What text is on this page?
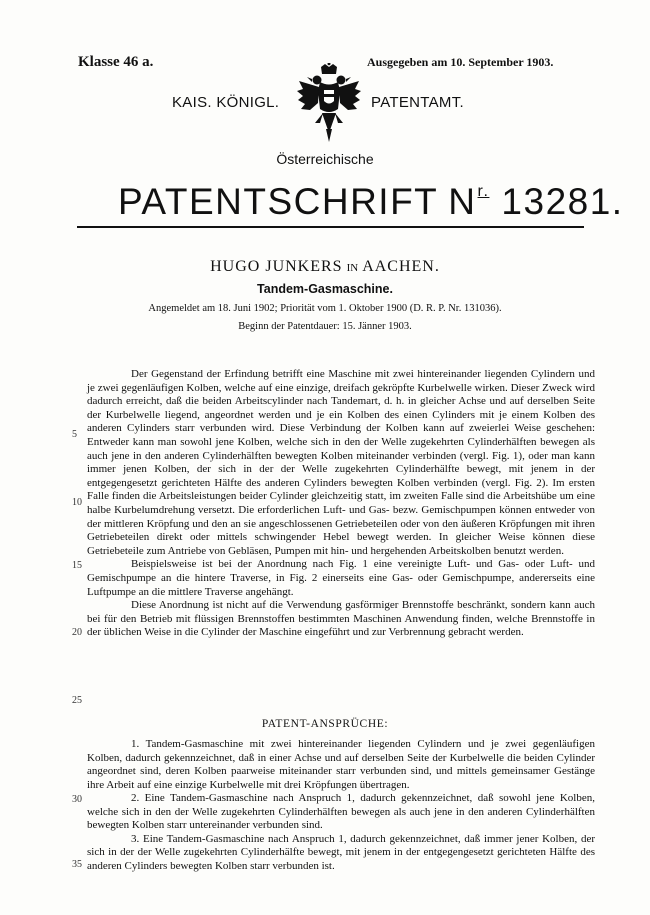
Klasse 46 a.	Ausgegeben am 10. September 1903.
KAIS. KÖNIGL.	PATENTAMT.
Österreichische
PATENTSCHRIFT $N^{r.}$ 13281.
HUGO JUNKERS IN AACHEN.
Tandem-Gasmaschine.
Angemeldet am 18. Juni 1902; Priorität vom 1. Oktober 1900 (D. R. P. Nr. 131036).
Beginn der Patentdauer: 15. Jänner 1903.

Der Gegenstand der Erfindung betrifft eine Maschine mit zwei hintereinander liegenden Cylindern und je zwei gegenläufigen Kolben, welche auf eine einzige, dreifach gekröpfte Kurbelwelle wirken. Dieser Zweck wird dadurch erreicht, daß die beiden Arbeitscylinder nach Tandemart, d. h. in gleicher Achse und auf derselben Seite der Kurbelwelle liegend, angeordnet werden und je ein Kolben des einen Cylinders mit je einem Kolben des anderen Cylinders starr verbunden wird. Diese Verbindung der Kolben kann auf zweierlei Weise geschehen: Entweder kann man sowohl jene Kolben, welche sich in den der Welle zugekehrten Cylinderhälften bewegen als auch jene in den anderen Cylinderhälften bewegten Kolben miteinander verbinden (vergl. Fig. 1), oder man kann immer jenen Kolben, der sich in der der Welle zugekehrten Cylinderhälfte bewegt, mit jenem in der entgegengesetzt gerichteten Hälfte des anderen Cylinders bewegten Kolben verbinden (vergl. Fig. 2). Im ersten Falle finden die Arbeitsleistungen beider Cylinder gleichzeitig statt, im zweiten Falle sind die Arbeitshübe um eine halbe Kurbelumdrehung versetzt. Die erforderlichen Luft- und Gas- bezw. Gemischpumpen können entweder von der mittleren Kröpfung und den an sie angeschlossenen Getriebeteilen oder von den äußeren Kröpfungen mit ihren Getriebeteilen direkt oder mittels schwingender Hebel bewegt werden. In gleicher Weise können diese Getriebeteile zum Antriebe von Gebläsen, Pumpen mit hin- und hergehenden Arbeitskolben benutzt werden.

Beispielsweise ist bei der Anordnung nach Fig. 1 eine vereinigte Luft- und Gas- oder Luft- und Gemischpumpe an die hintere Traverse, in Fig. 2 einerseits eine Gas- oder Gemischpumpe, andererseits eine Luftpumpe an die mittlere Traverse angehängt.

Diese Anordnung ist nicht auf die Verwendung gasförmiger Brennstoffe beschränkt, sondern kann auch bei für den Betrieb mit flüssigen Brennstoffen bestimmten Maschinen Anwendung finden, welche Brennstoffe in der üblichen Weise in die Cylinder der Maschine eingeführt und zur Verbrennung gebracht werden.

PATENT-ANSPRÜCHE:

1. Tandem-Gasmaschine mit zwei hintereinander liegenden Cylindern und je zwei gegenläufigen Kolben, dadurch gekennzeichnet, daß in einer Achse und auf derselben Seite der Kurbelwelle die beiden Cylinder angeordnet sind, deren Kolben paarweise miteinander starr verbunden sind, und mittels gemeinsamer Gestänge ihre Arbeit auf eine einzige Kurbelwelle mit drei Kröpfungen übertragen.

2. Eine Tandem-Gasmaschine nach Anspruch 1, dadurch gekennzeichnet, daß sowohl jene Kolben, welche sich in den der Welle zugekehrten Cylinderhälften bewegen als auch jene in den anderen Cylinderhälften bewegten Kolben starr untereinander verbunden sind.

3. Eine Tandem-Gasmaschine nach Anspruch 1, dadurch gekennzeichnet, daß immer jener Kolben, der sich in der der Welle zugekehrten Cylinderhälfte bewegt, mit jenem in der entgegengesetzt gerichteten Hälfte des anderen Cylinders bewegten Kolben starr verbunden ist.

5
10
15
20
25
30
35
